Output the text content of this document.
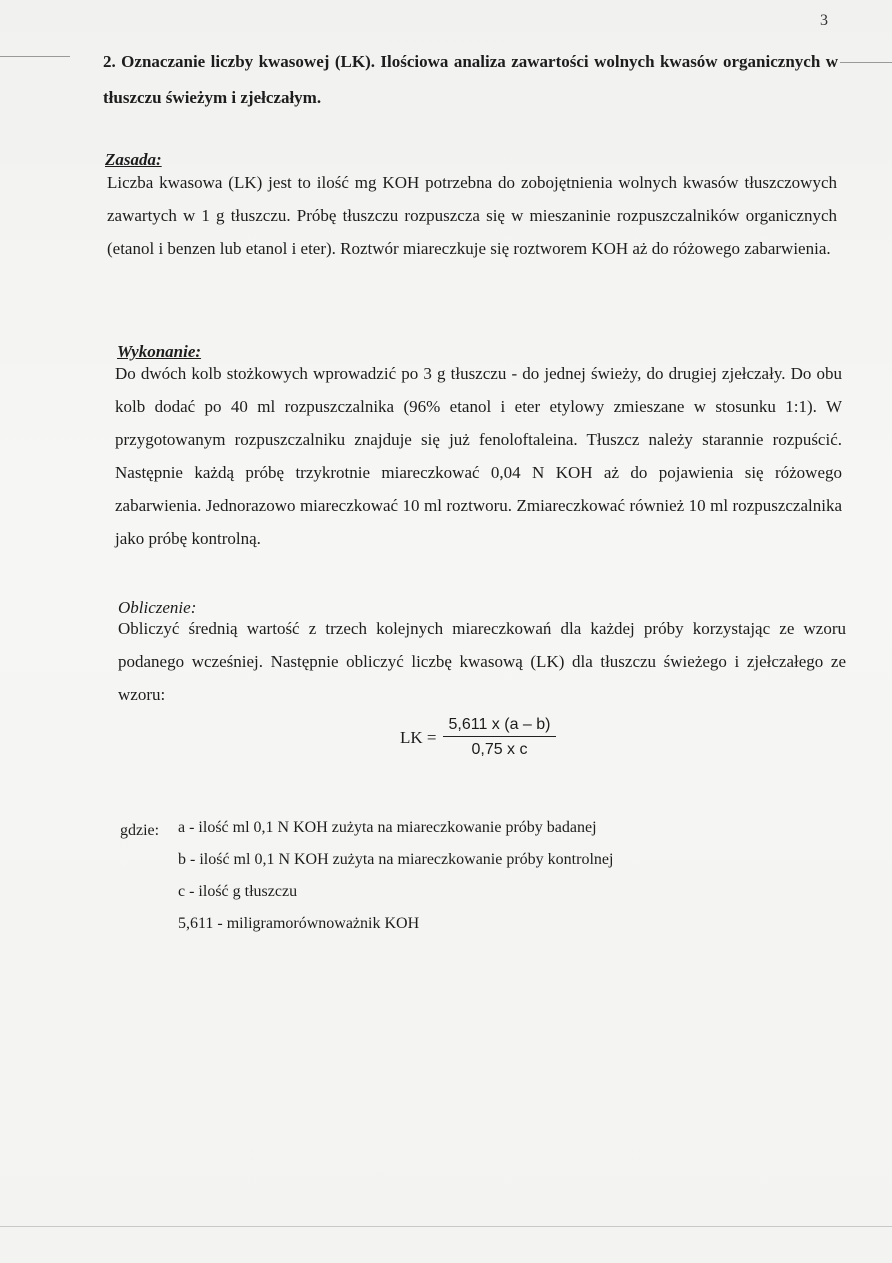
3
2. Oznaczanie liczby kwasowej (LK). Ilościowa analiza zawartości wolnych kwasów organicznych w tłuszczu świeżym i zjełczałym.
Zasada:
Liczba kwasowa (LK) jest to ilość mg KOH potrzebna do zobojętnienia wolnych kwasów tłuszczowych zawartych w 1 g tłuszczu. Próbę tłuszczu rozpuszcza się w mieszaninie rozpuszczalników organicznych (etanol i benzen lub etanol i eter). Roztwór miareczkuje się roztworem KOH aż do różowego zabarwienia.
Wykonanie:
Do dwóch kolb stożkowych wprowadzić po 3 g tłuszczu - do jednej świeży, do drugiej zjełczały. Do obu kolb dodać po 40 ml rozpuszczalnika (96% etanol i eter etylowy zmieszane w stosunku 1:1). W przygotowanym rozpuszczalniku znajduje się już fenoloftaleina. Tłuszcz należy starannie rozpuścić. Następnie każdą próbę trzykrotnie miareczkować 0,04 N KOH aż do pojawienia się różowego zabarwienia. Jednorazowo miareczkować 10 ml roztworu. Zmiareczkować również 10 ml rozpuszczalnika jako próbę kontrolną.
Obliczenie:
Obliczyć średnią wartość z trzech kolejnych miareczkowań dla każdej próby korzystając ze wzoru podanego wcześniej. Następnie obliczyć liczbę kwasową (LK) dla tłuszczu świeżego i zjełczałego ze wzoru:
LK = $\frac{5,611 x (a - b)}{\text{0,75 x c}}$
gdzie: a - ilość ml 0,1 N KOH zużyta na miareczkowanie próby badanej
b - ilość ml 0,1 N KOH zużyta na miareczkowanie próby kontrolnej
c - ilość g tłuszczu
5,611 - miligramorównoważnik KOH
